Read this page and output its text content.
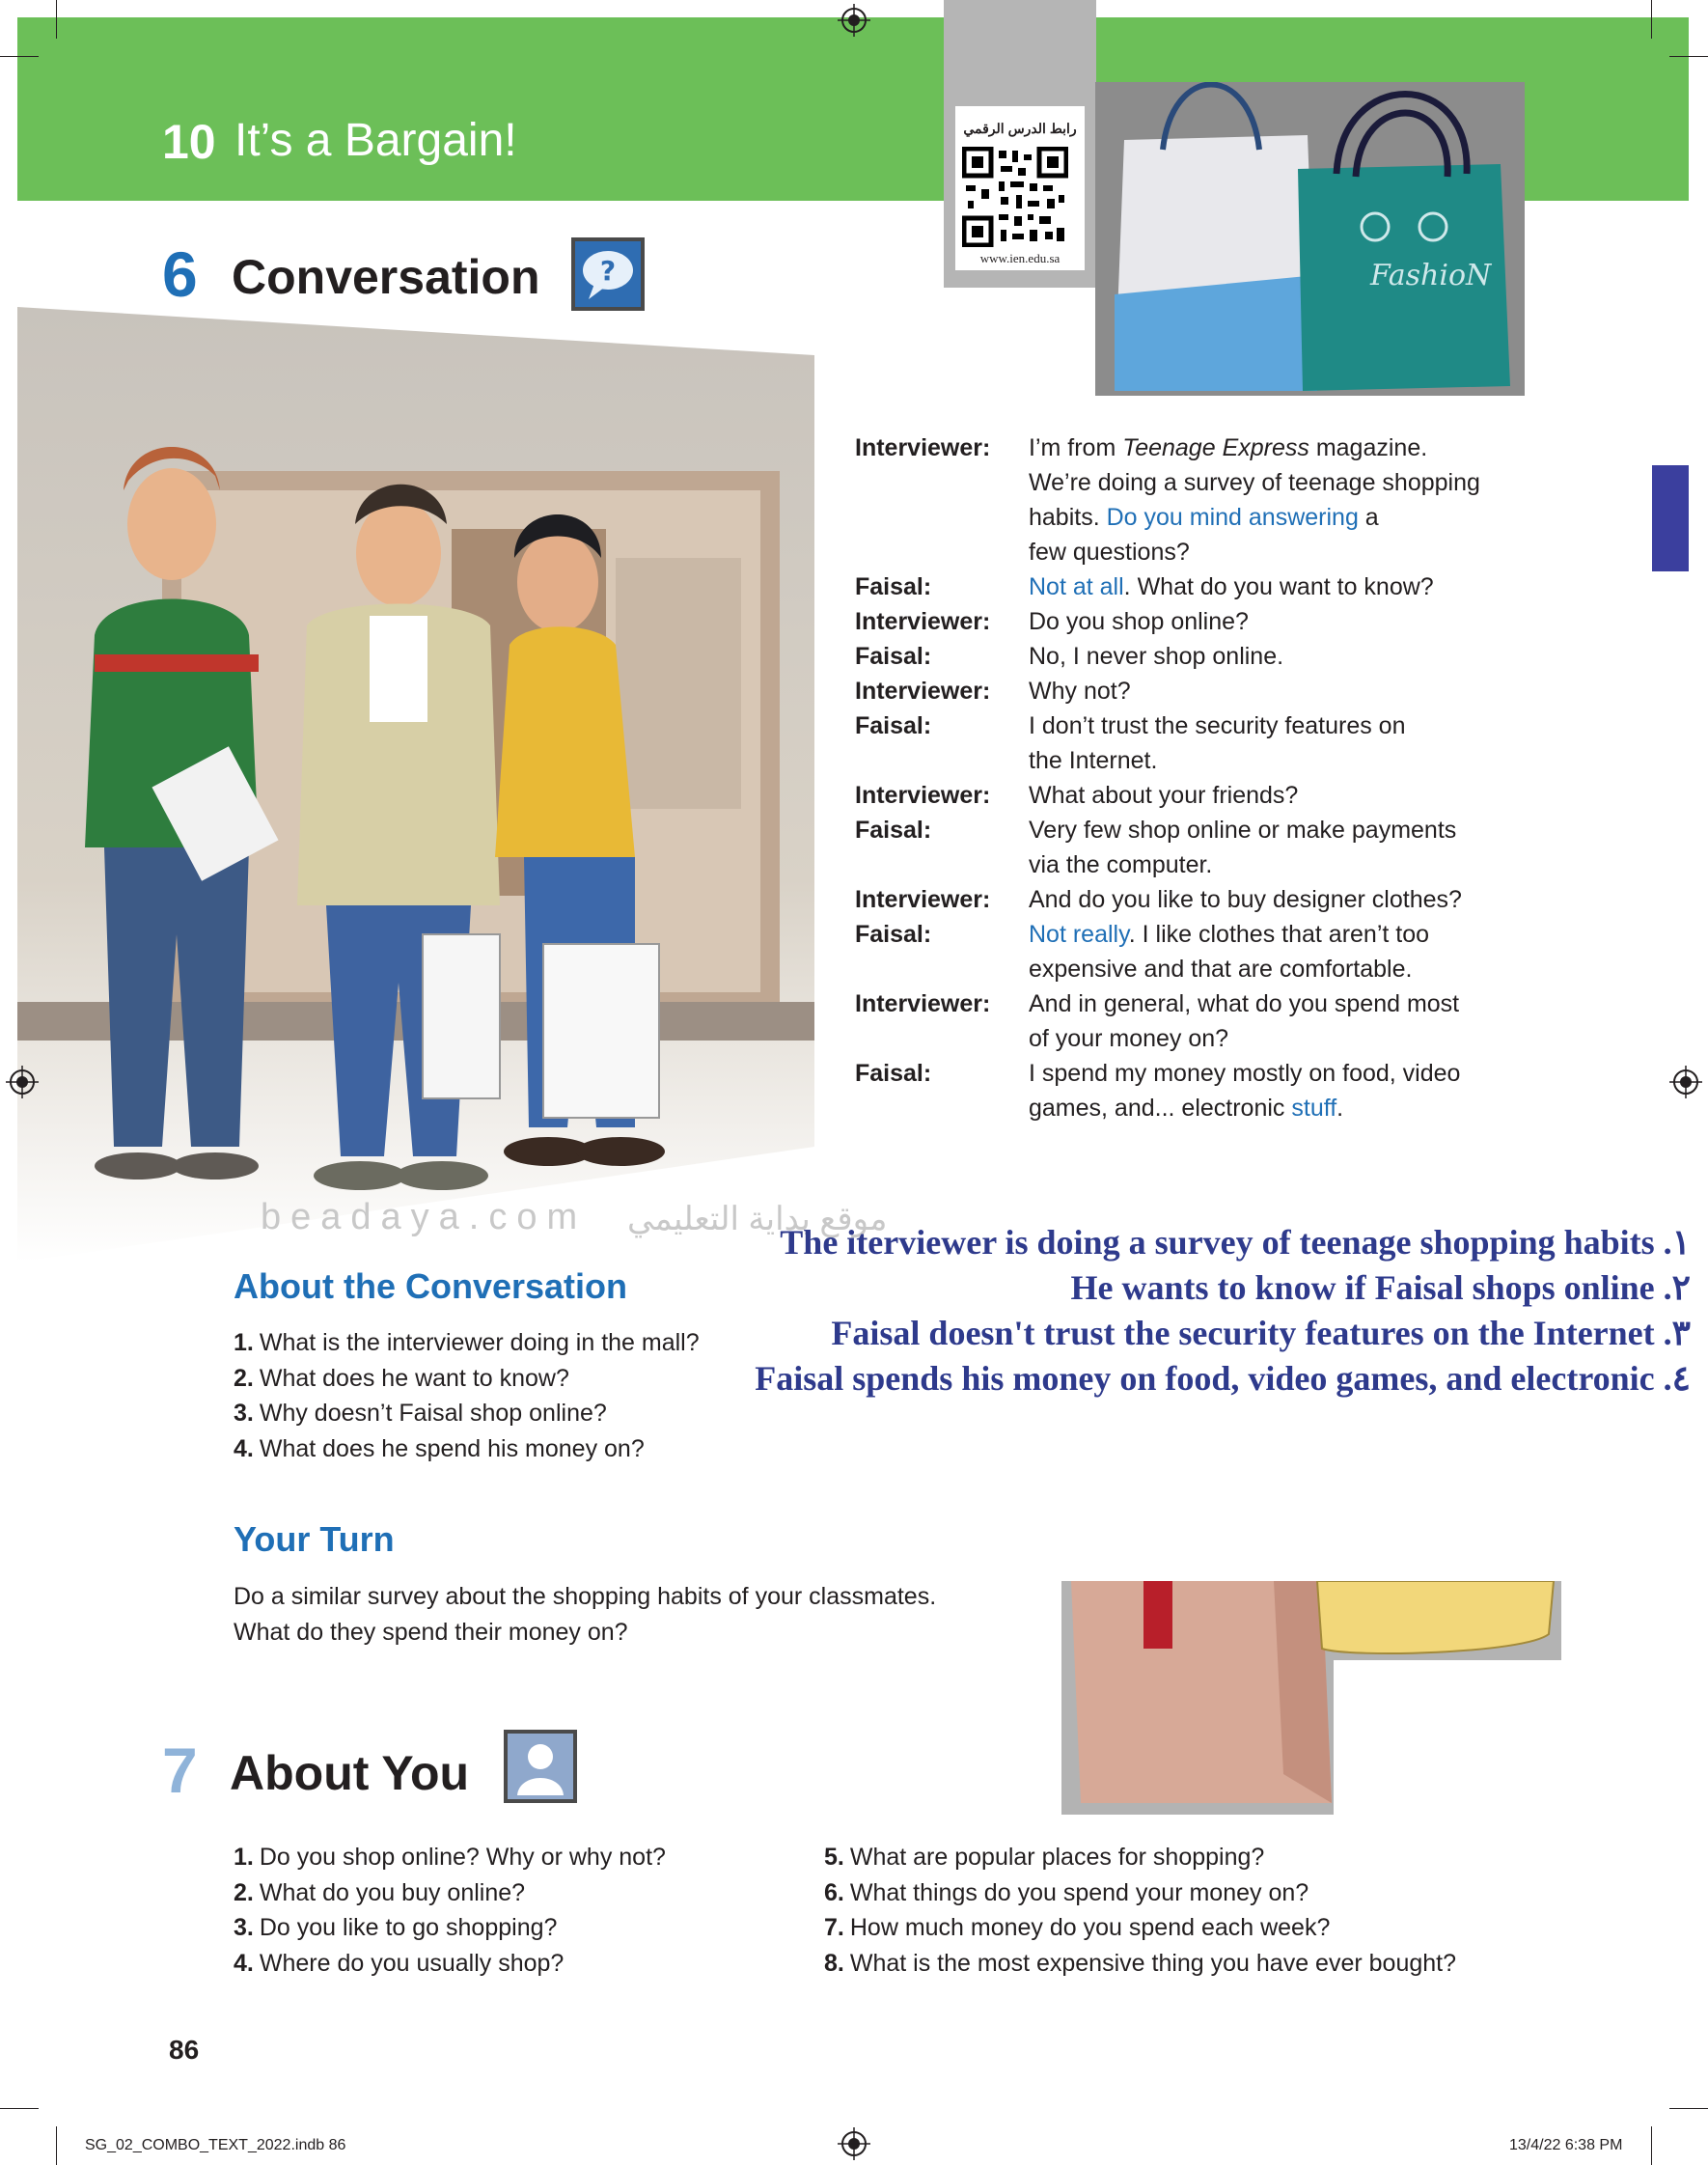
10 It’s a Bargain!	رابط الدرس الرقمي
www.ien.edu.sa
FashioN
6 Conversation ?
Interviewer:	I’m from Teenage Express magazine.
We’re doing a survey of teenage shopping
habits. Do you mind answering a
few questions?
Faisal:	Not at all. What do you want to know?
Interviewer:	Do you shop online?
Faisal:	No, I never shop online.
Interviewer:	Why not?
Faisal:	I don’t trust the security features on
the Internet.
Interviewer:	What about your friends?
Faisal:	Very few shop online or make payments
via the computer.
Interviewer:	And do you like to buy designer clothes?
Faisal:	Not really. I like clothes that aren’t too
expensive and that are comfortable.
Interviewer:	And in general, what do you spend most
of your money on?
Faisal:	I spend my money mostly on food, video
games, and... electronic stuff.
beadaya.com موقع بداية التعليمي
About the Conversation
1. What is the interviewer doing in the mall?
2. What does he want to know?
3. Why doesn’t Faisal shop online?
4. What does he spend his money on?
The iterviewer is doing a survey of teenage shopping habits .١
He wants to know if Faisal shops online .٢
Faisal doesn't trust the security features on the Internet .٣
Faisal spends his money on food, video games, and electronic .٤
Your Turn
Do a similar survey about the shopping habits of your classmates.
What do they spend their money on?
7 About You
1. Do you shop online? Why or why not?
2. What do you buy online?
3. Do you like to go shopping?
4. Where do you usually shop?
5. What are popular places for shopping?
6. What things do you spend your money on?
7. How much money do you spend each week?
8. What is the most expensive thing you have ever bought?
86
SG_02_COMBO_TEXT_2022.indb 86	13/4/22 6:38 PM
